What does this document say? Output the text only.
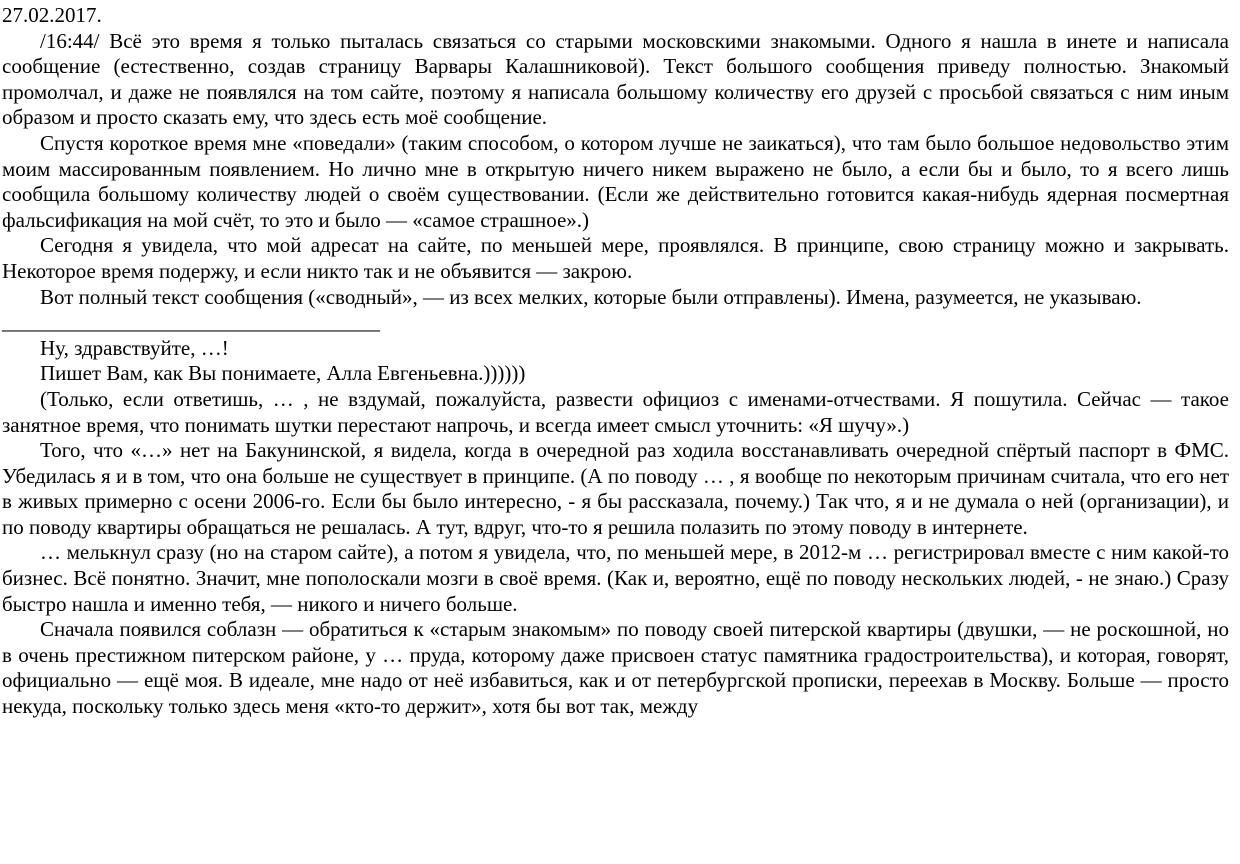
27.02.2017.

/16:44/ Всё это время я только пыталась связаться со старыми московскими знакомыми. Одного я нашла в инете и написала сообщение (естественно, создав страницу Варвары Калашниковой). Текст большого сообщения приведу полностью. Знакомый промолчал, и даже не появлялся на том сайте, поэтому я написала большому количеству его друзей с просьбой связаться с ним иным образом и просто сказать ему, что здесь есть моё сообщение.

Спустя короткое время мне «поведали» (таким способом, о котором лучше не заикаться), что там было большое недовольство этим моим массированным появлением. Но лично мне в открытую ничего никем выражено не было, а если бы и было, то я всего лишь сообщила большому количеству людей о своём существовании. (Если же действительно готовится какая-нибудь ядерная посмертная фальсификация на мой счёт, то это и было — «самое страшное».)

Сегодня я увидела, что мой адресат на сайте, по меньшей мере, проявлялся. В принципе, свою страницу можно и закрывать. Некоторое время подержу, и если никто так и не объявится — закрою.

Вот полный текст сообщения («сводный», — из всех мелких, которые были отправлены). Имена, разумеется, не указываю.

____________________________________

Ну, здравствуйте, …!

Пишет Вам, как Вы понимаете, Алла Евгеньевна.))))))

(Только, если ответишь, … , не вздумай, пожалуйста, развести официоз с именами-отчествами. Я пошутила. Сейчас — такое занятное время, что понимать шутки перестают напрочь, и всегда имеет смысл уточнить: «Я шучу».)

Того, что «…» нет на Бакунинской, я видела, когда в очередной раз ходила восстанавливать очередной спёртый паспорт в ФМС. Убедилась я и в том, что она больше не существует в принципе. (А по поводу … , я вообще по некоторым причинам считала, что его нет в живых примерно с осени 2006-го. Если бы было интересно, - я бы рассказала, почему.) Так что, я и не думала о ней (организации), и по поводу квартиры обращаться не решалась. А тут, вдруг, что-то я решила полазить по этому поводу в интернете.

… мелькнул сразу (но на старом сайте), а потом я увидела, что, по меньшей мере, в 2012-м … регистрировал вместе с ним какой-то бизнес. Всё понятно. Значит, мне пополоскали мозги в своё время. (Как и, вероятно, ещё по поводу нескольких людей, - не знаю.) Сразу быстро нашла и именно тебя, — никого и ничего больше.

Сначала появился соблазн — обратиться к «старым знакомым» по поводу своей питерской квартиры (двушки, — не роскошной, но в очень престижном питерском районе, у … пруда, которому даже присвоен статус памятника градостроительства), и которая, говорят, официально — ещё моя. В идеале, мне надо от неё избавиться, как и от петербургской прописки, переехав в Москву. Больше — просто некуда, поскольку только здесь меня «кто-то держит», хотя бы вот так, между
